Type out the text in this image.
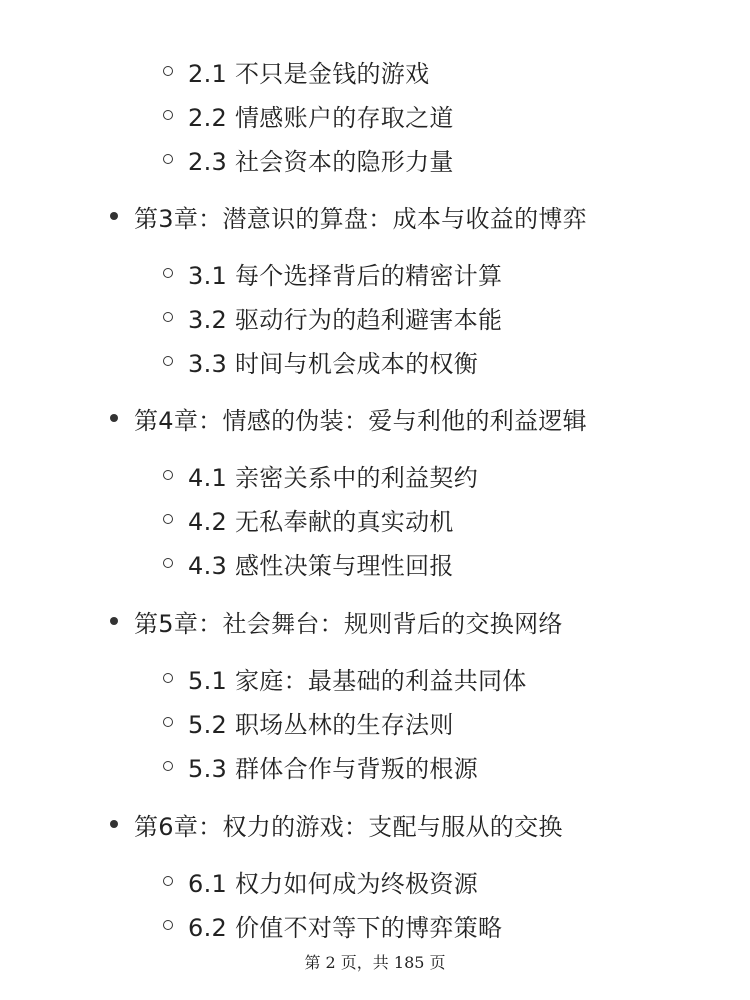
2.1 不只是金钱的游戏
2.2 情感账户的存取之道
2.3 社会资本的隐形力量
第3章：潜意识的算盘：成本与收益的博弈
3.1 每个选择背后的精密计算
3.2 驱动行为的趋利避害本能
3.3 时间与机会成本的权衡
第4章：情感的伪装：爱与利他的利益逻辑
4.1 亲密关系中的利益契约
4.2 无私奉献的真实动机
4.3 感性决策与理性回报
第5章：社会舞台：规则背后的交换网络
5.1 家庭：最基础的利益共同体
5.2 职场丛林的生存法则
5.3 群体合作与背叛的根源
第6章：权力的游戏：支配与服从的交换
6.1 权力如何成为终极资源
6.2 价值不对等下的博弈策略
第 2 页，共 185 页
